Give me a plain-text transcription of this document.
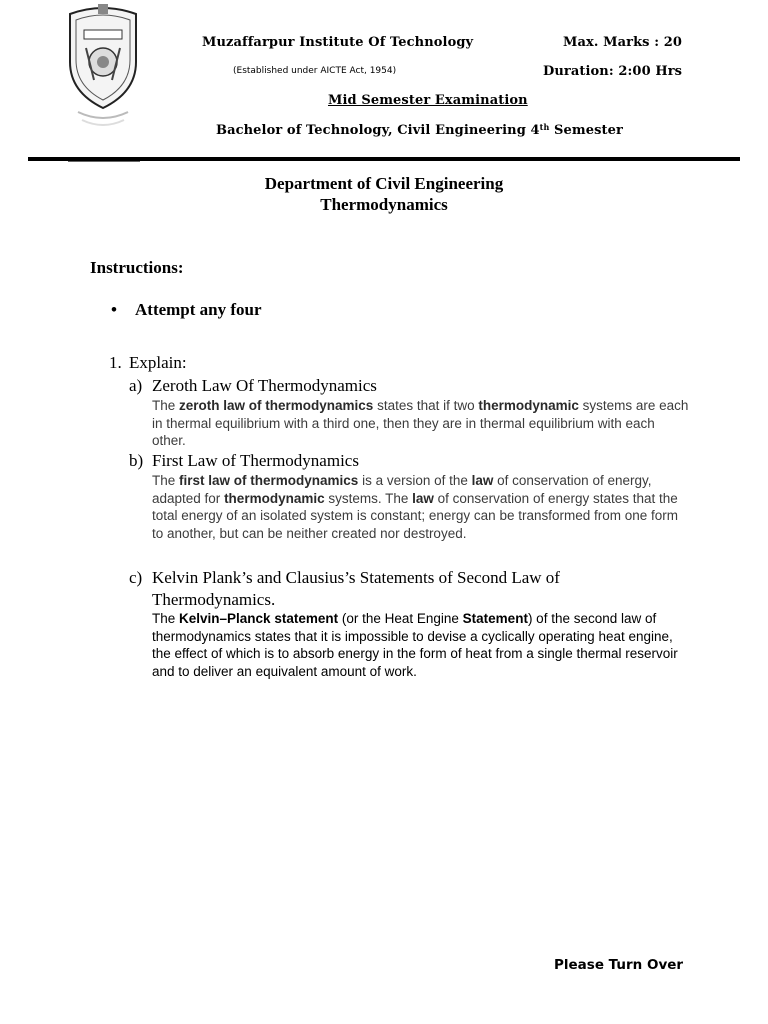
Muzaffarpur Institute Of Technology
(Established under AICTE Act, 1954)
Mid Semester Examination
Bachelor of Technology, Civil Engineering 4th Semester
Max. Marks : 20
Duration: 2:00 Hrs
Department of Civil Engineering
Thermodynamics
Instructions:
• Attempt any four
1. Explain:
a) Zeroth Law Of Thermodynamics
The zeroth law of thermodynamics states that if two thermodynamic systems are each in thermal equilibrium with a third one, then they are in thermal equilibrium with each other.
b) First Law of Thermodynamics
The first law of thermodynamics is a version of the law of conservation of energy, adapted for thermodynamic systems. The law of conservation of energy states that the total energy of an isolated system is constant; energy can be transformed from one form to another, but can be neither created nor destroyed.
c) Kelvin Plank’s and Clausius’s Statements of Second Law of
Thermodynamics.
The Kelvin–Planck statement (or the Heat Engine Statement) of the second law of thermodynamics states that it is impossible to devise a cyclically operating heat engine, the effect of which is to absorb energy in the form of heat from a single thermal reservoir and to deliver an equivalent amount of work.
Please Turn Over
